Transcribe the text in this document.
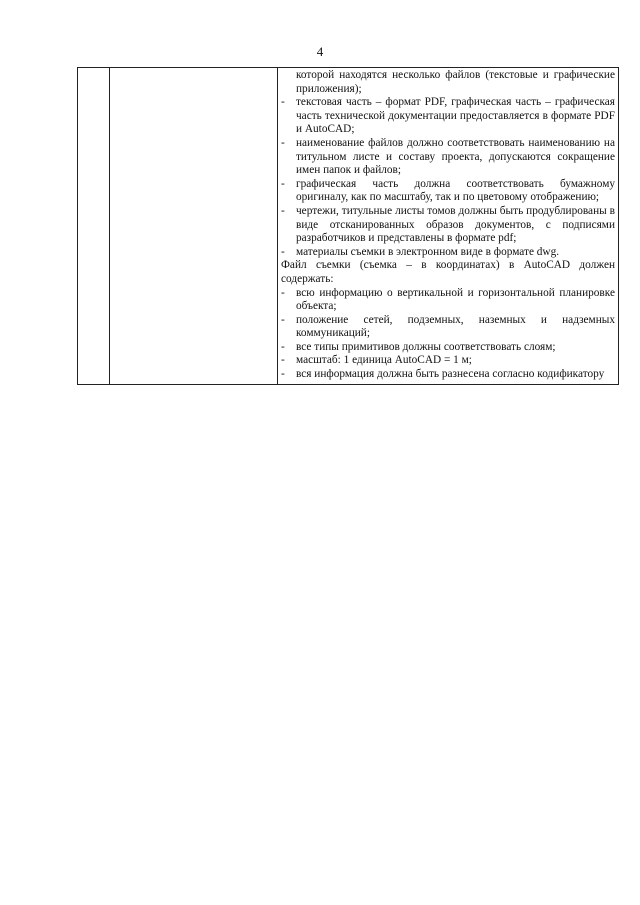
4

которой находятся несколько файлов (текстовые и графические приложения);

- текстовая часть – формат PDF, графическая часть – графическая часть технической документации предоставляется в формате PDF и AutoCAD;

- наименование файлов должно соответствовать наименованию на титульном листе и составу проекта, допускаются сокращение имен папок и файлов;

- графическая часть должна соответствовать бумажному оригиналу, как по масштабу, так и по цветовому отображению;

- чертежи, титульные листы томов должны быть продублированы в виде отсканированных образов документов, с подписями разработчиков и представлены в формате pdf;

- материалы съемки в электронном виде в формате dwg.

Файл съемки (съемка – в координатах) в AutoCAD должен содержать:

- всю информацию о вертикальной и горизонтальной планировке объекта;

- положение сетей, подземных, наземных и надземных коммуникаций;

- все типы примитивов должны соответствовать слоям;

- масштаб: 1 единица AutoCAD = 1 м;

- вся информация должна быть разнесена согласно кодификатору
